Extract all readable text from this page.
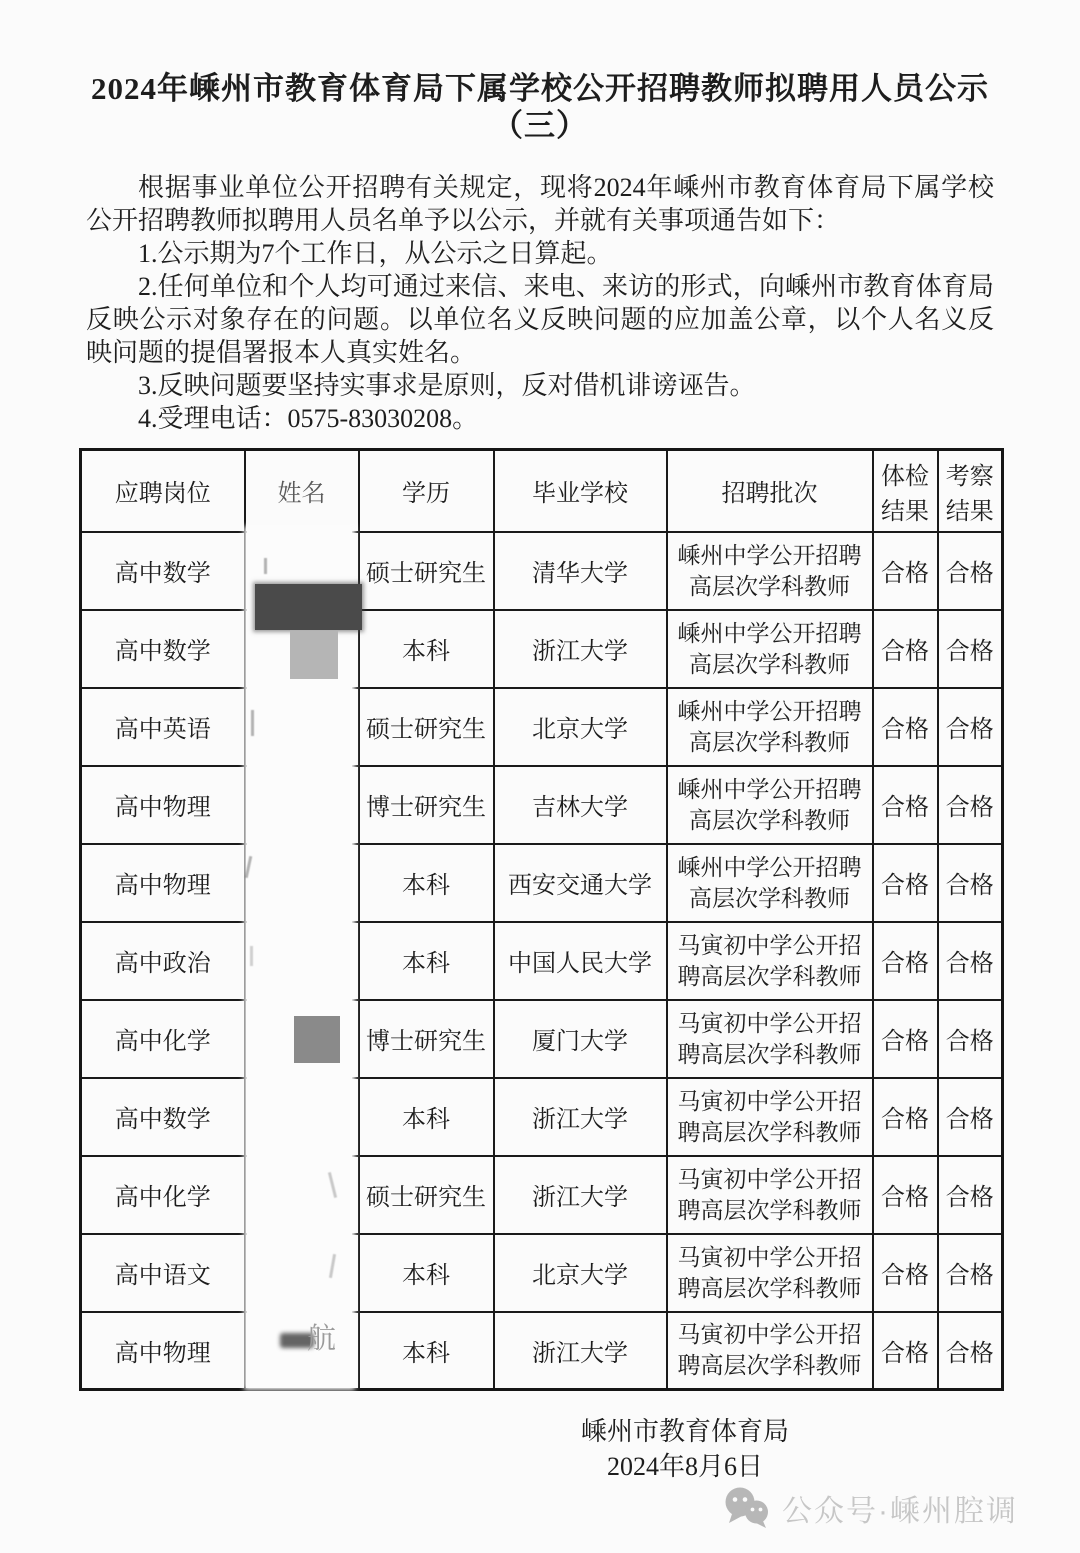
2024年嵊州市教育体育局下属学校公开招聘教师拟聘用人员公示
（三）

根据事业单位公开招聘有关规定，现将2024年嵊州市教育体育局下属学校公开招聘教师拟聘用人员名单予以公示，并就有关事项通告如下：

1.公示期为7个工作日，从公示之日算起。

2.任何单位和个人均可通过来信、来电、来访的形式，向嵊州市教育体育局反映公示对象存在的问题。以单位名义反映问题的应加盖公章，以个人名义反映问题的提倡署报本人真实姓名。

3.反映问题要坚持实事求是原则，反对借机诽谤诬告。

4.受理电话：0575-83030208。

应聘岗位	姓名	学历	毕业学校	招聘批次	体检结果	考察结果
高中数学		硕士研究生	清华大学	嵊州中学公开招聘高层次学科教师	合格	合格
高中数学		本科	浙江大学	嵊州中学公开招聘高层次学科教师	合格	合格
高中英语		硕士研究生	北京大学	嵊州中学公开招聘高层次学科教师	合格	合格
高中物理		博士研究生	吉林大学	嵊州中学公开招聘高层次学科教师	合格	合格
高中物理		本科	西安交通大学	嵊州中学公开招聘高层次学科教师	合格	合格
高中政治		本科	中国人民大学	马寅初中学公开招聘高层次学科教师	合格	合格
高中化学		博士研究生	厦门大学	马寅初中学公开招聘高层次学科教师	合格	合格
高中数学		本科	浙江大学	马寅初中学公开招聘高层次学科教师	合格	合格
高中化学		硕士研究生	浙江大学	马寅初中学公开招聘高层次学科教师	合格	合格
高中语文		本科	北京大学	马寅初中学公开招聘高层次学科教师	合格	合格
高中物理		本科	浙江大学	马寅初中学公开招聘高层次学科教师	合格	合格
航
嵊州市教育体育局
2024年8月6日
公众号·嵊州腔调
